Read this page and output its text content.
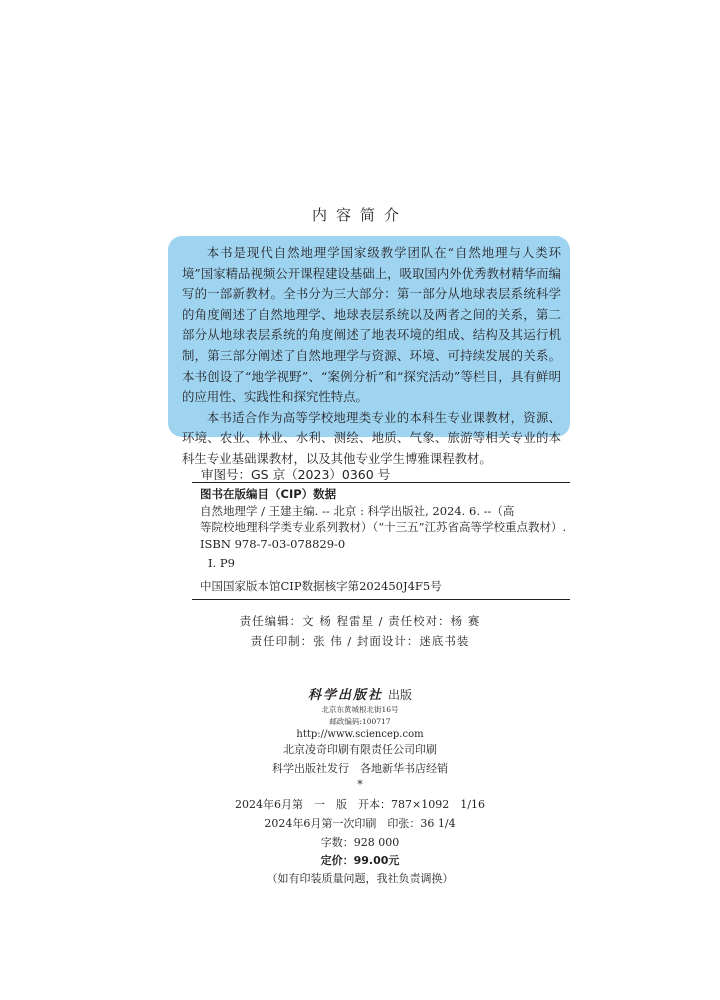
内容简介

本书是现代自然地理学国家级教学团队在“自然地理与人类环境”国家精品视频公开课程建设基础上，吸取国内外优秀教材精华而编写的一部新教材。全书分为三大部分：第一部分从地球表层系统科学的角度阐述了自然地理学、地球表层系统以及两者之间的关系，第二部分从地球表层系统的角度阐述了地表环境的组成、结构及其运行机制，第三部分阐述了自然地理学与资源、环境、可持续发展的关系。本书创设了“地学视野”、“案例分析”和“探究活动”等栏目，具有鲜明的应用性、实践性和探究性特点。

本书适合作为高等学校地理类专业的本科生专业课教材，资源、环境、农业、林业、水利、测绘、地质、气象、旅游等相关专业的本科生专业基础课教材，以及其他专业学生博雅课程教材。

审图号：GS 京（2023）0360 号
图书在版编目（CIP）数据
自然地理学 / 王建主编. -- 北京 : 科学出版社, 2024. 6. --（高
等院校地理科学类专业系列教材）（“十三五”江苏省高等学校重点教材）.
ISBN 978-7-03-078829-0
Ⅰ. P9
中国国家版本馆CIP数据核字第202450J4F5号
责任编辑：文 杨 程雷星 / 责任校对：杨 赛
责任印制：张 伟 / 封面设计：迷底书装
科学出版社 出版
北京东黄城根北街16号
邮政编码:100717
http://www.sciencep.com
北京凌奇印刷有限责任公司印刷
科学出版社发行　各地新华书店经销
*
2024年6月第　一　版　开本：787×1092　1/16
2024年6月第一次印刷　印张：36 1/4
字数：928 000
定价：99.00元
（如有印装质量问题，我社负责调换）
